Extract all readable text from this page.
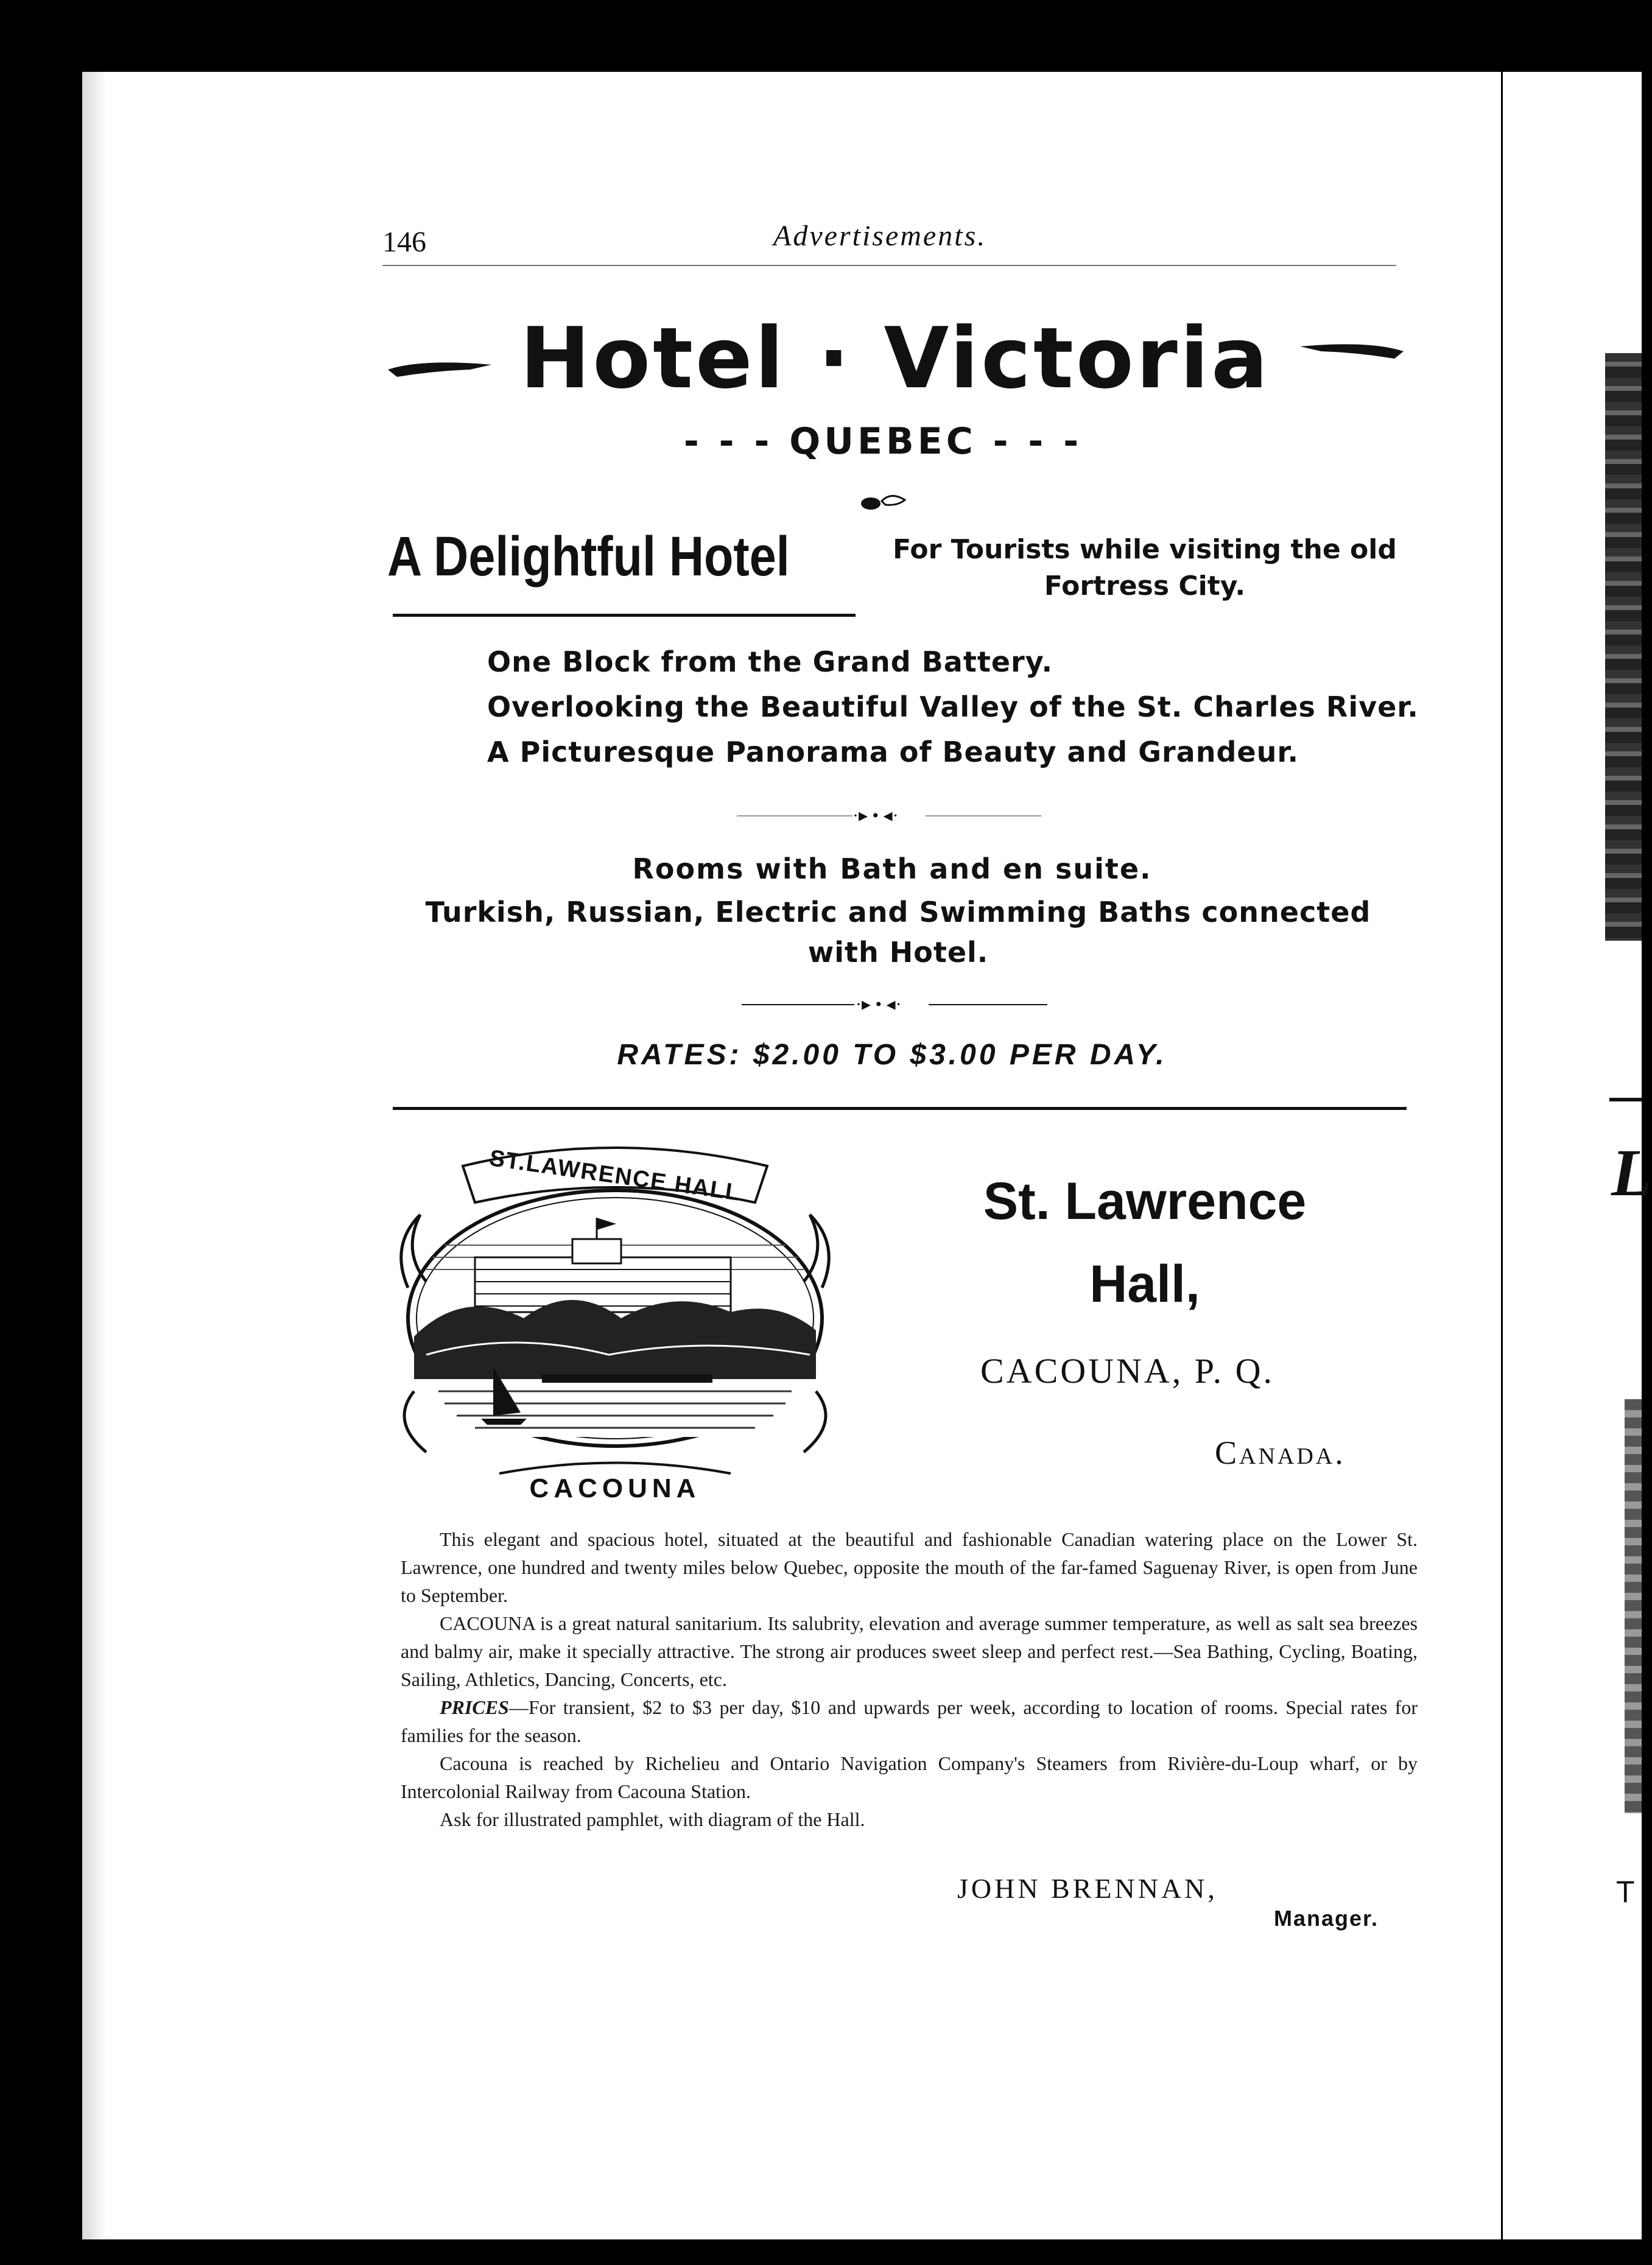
L
T
146	Advertisements.
Hotel · Victoria
- - - QUEBEC - - -
A Delightful Hotel	For Tourists while visiting the old
Fortress City.
One Block from the Grand Battery.
Overlooking the Beautiful Valley of the St. Charles River.
A Picturesque Panorama of Beauty and Grandeur.
·▸ • ◂·
Rooms with Bath and en suite.
Turkish, Russian, Electric and Swimming Baths connected
with Hotel.
·▸ • ◂·
RATES: $2.00 TO $3.00 PER DAY.
ST.LAWRENCE HALL
CACOUNA
St. Lawrence
Hall,
CACOUNA, P. Q.
Canada.

This elegant and spacious hotel, situated at the beautiful and fashionable Canadian watering place on the Lower St. Lawrence, one hundred and twenty miles below Quebec, opposite the mouth of the far-famed Saguenay River, is open from June to September.

CACOUNA is a great natural sanitarium. Its salubrity, elevation and average summer temperature, as well as salt sea breezes and balmy air, make it specially attractive. The strong air produces sweet sleep and perfect rest.—Sea Bathing, Cycling, Boating, Sailing, Athletics, Dancing, Concerts, etc.

PRICES—For transient, $2 to $3 per day, $10 and upwards per week, according to location of rooms. Special rates for families for the season.

Cacouna is reached by Richelieu and Ontario Navigation Company's Steamers from Rivière-du-Loup wharf, or by Intercolonial Railway from Cacouna Station.

Ask for illustrated pamphlet, with diagram of the Hall.

JOHN BRENNAN,
Manager.
